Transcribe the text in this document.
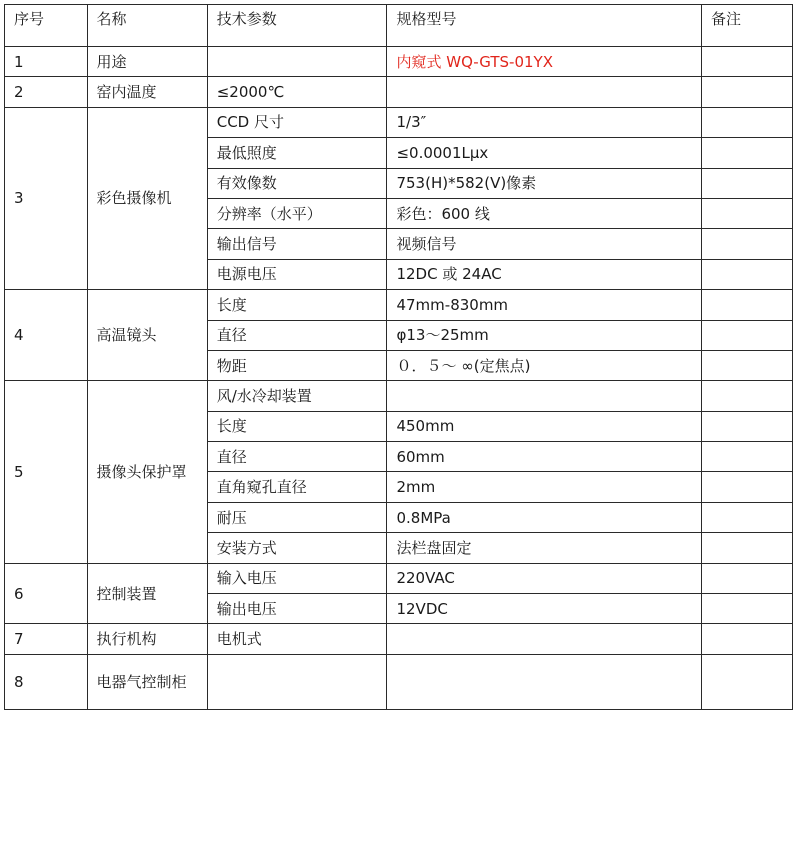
序号	名称	技术参数	规格型号	备注
1	用途		内窥式 WQ-GTS-01YX	
2	窑内温度	≤2000℃		
3	彩色摄像机	CCD 尺寸	1/3″	
		最低照度	≤0.0001Lμx	
		有效像数	753(H)*582(V)像素	
		分辨率（水平）	彩色：600 线	
		输出信号	视频信号	
		电源电压	12DC 或 24AC	
4	高温镜头	长度	47mm-830mm	
		直径	φ13～25mm	
		物距	０．５～ ∞(定焦点)	
5	摄像头保护罩	风/水冷却装置		
		长度	450mm	
		直径	60mm	
		直角窥孔直径	2mm	
		耐压	0.8MPa	
		安装方式	法栏盘固定	
6	控制装置	输入电压	220VAC	
		输出电压	12VDC	
7	执行机构	电机式		
8	电器气控制柜			
